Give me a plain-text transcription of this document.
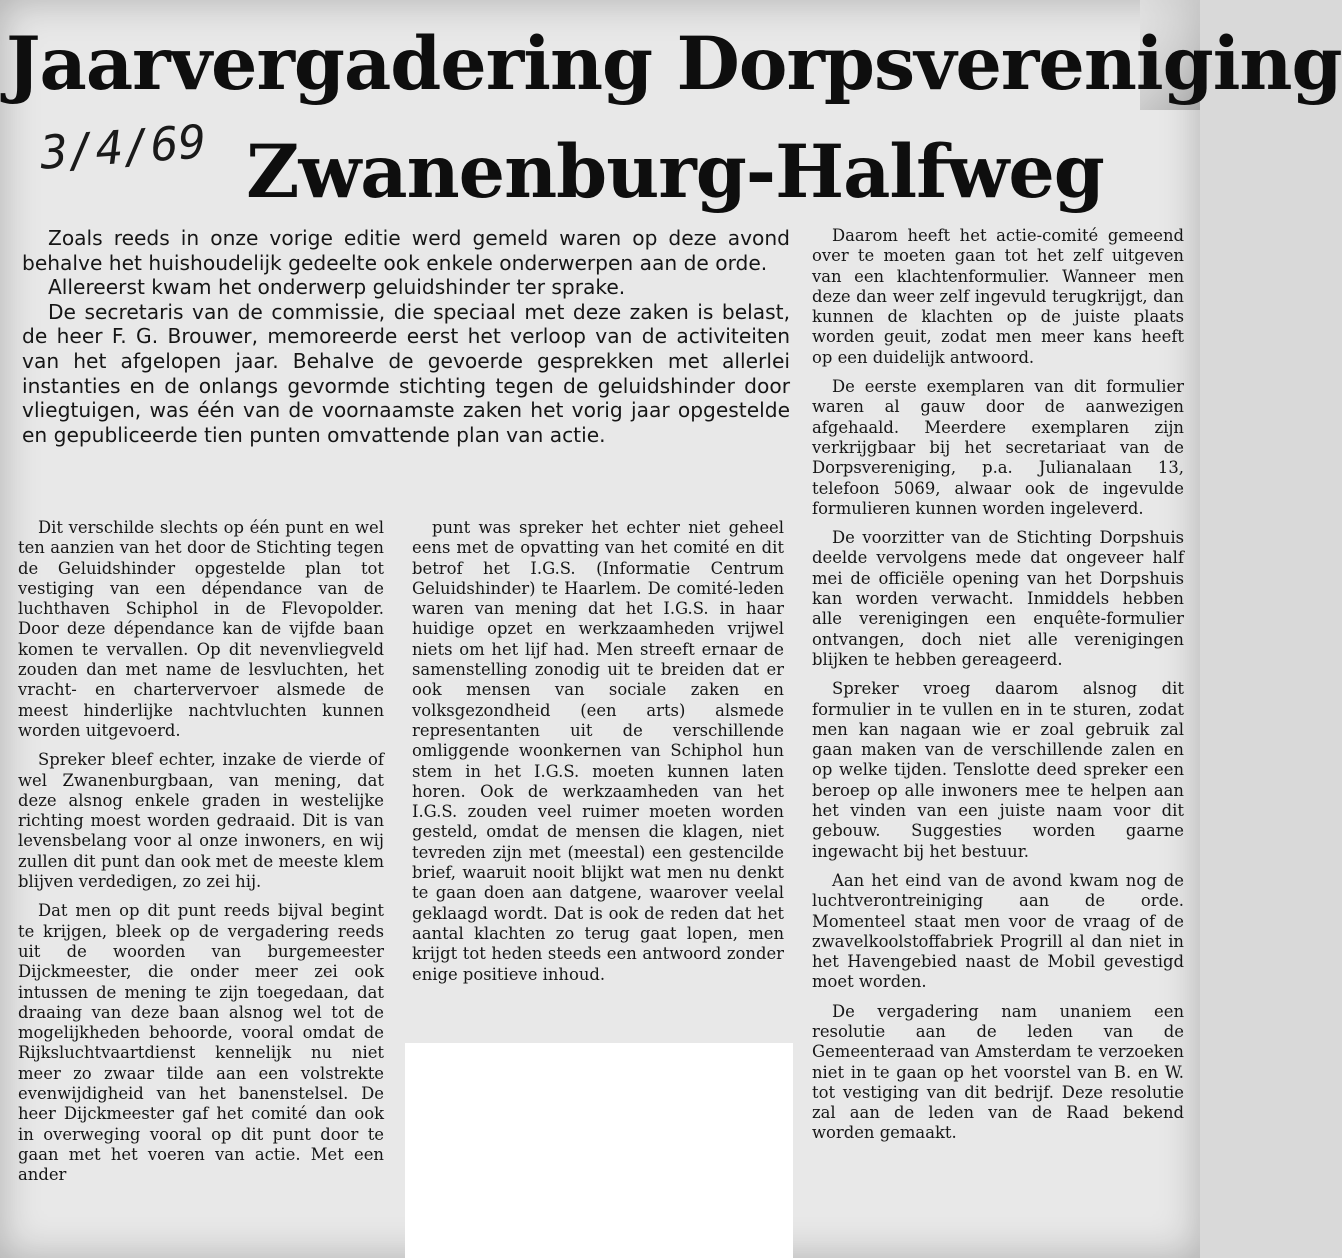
Jaarvergadering Dorpsvereniging
Zwanenburg-Halfweg
3/4/69

Zoals reeds in onze vorige editie werd gemeld waren op deze avond behalve het huishoudelijk gedeelte ook enkele onderwerpen aan de orde.

Allereerst kwam het onderwerp geluidshinder ter sprake.

De secretaris van de commissie, die speciaal met deze zaken is belast, de heer F. G. Brouwer, memoreerde eerst het verloop van de activiteiten van het afgelopen jaar. Behalve de gevoerde gesprekken met allerlei instanties en de onlangs gevormde stichting tegen de geluidshinder door vliegtuigen, was één van de voornaamste zaken het vorig jaar opgestelde en gepubliceerde tien punten omvattende plan van actie.

Dit verschilde slechts op één punt en wel ten aanzien van het door de Stichting tegen de Geluidshinder opgestelde plan tot vestiging van een dépendance van de luchthaven Schiphol in de Flevopolder. Door deze dépendance kan de vijfde baan komen te vervallen. Op dit nevenvliegveld zouden dan met name de lesvluchten, het vracht- en chartervervoer alsmede de meest hinderlijke nachtvluchten kunnen worden uitgevoerd.

Spreker bleef echter, inzake de vierde of wel Zwanenburgbaan, van mening, dat deze alsnog enkele graden in westelijke richting moest worden gedraaid. Dit is van levensbelang voor al onze inwoners, en wij zullen dit punt dan ook met de meeste klem blijven verdedigen, zo zei hij.

Dat men op dit punt reeds bijval begint te krijgen, bleek op de vergadering reeds uit de woorden van burgemeester Dijckmeester, die onder meer zei ook intussen de mening te zijn toegedaan, dat draaing van deze baan alsnog wel tot de mogelijkheden behoorde, vooral omdat de Rijksluchtvaartdienst kennelijk nu niet meer zo zwaar tilde aan een volstrekte evenwijdigheid van het banenstelsel. De heer Dijckmeester gaf het comité dan ook in overweging vooral op dit punt door te gaan met het voeren van actie. Met een ander

punt was spreker het echter niet geheel eens met de opvatting van het comité en dit betrof het I.G.S. (Informatie Centrum Geluidshinder) te Haarlem. De comité-leden waren van mening dat het I.G.S. in haar huidige opzet en werkzaamheden vrijwel niets om het lijf had. Men streeft ernaar de samenstelling zonodig uit te breiden dat er ook mensen van sociale zaken en volksgezondheid (een arts) alsmede representanten uit de verschillende omliggende woonkernen van Schiphol hun stem in het I.G.S. moeten kunnen laten horen. Ook de werkzaamheden van het I.G.S. zouden veel ruimer moeten worden gesteld, omdat de mensen die klagen, niet tevreden zijn met (meestal) een gestencilde brief, waaruit nooit blijkt wat men nu denkt te gaan doen aan datgene, waarover veelal geklaagd wordt. Dat is ook de reden dat het aantal klachten zo terug gaat lopen, men krijgt tot heden steeds een antwoord zonder enige positieve inhoud.

Daarom heeft het actie-comité gemeend over te moeten gaan tot het zelf uitgeven van een klachtenformulier. Wanneer men deze dan weer zelf ingevuld terugkrijgt, dan kunnen de klachten op de juiste plaats worden geuit, zodat men meer kans heeft op een duidelijk antwoord.

De eerste exemplaren van dit formulier waren al gauw door de aanwezigen afgehaald. Meerdere exemplaren zijn verkrijgbaar bij het secretariaat van de Dorpsvereniging, p.a. Julianalaan 13, telefoon 5069, alwaar ook de ingevulde formulieren kunnen worden ingeleverd.

De voorzitter van de Stichting Dorpshuis deelde vervolgens mede dat ongeveer half mei de officiële opening van het Dorpshuis kan worden verwacht. Inmiddels hebben alle verenigingen een enquête-formulier ontvangen, doch niet alle verenigingen blijken te hebben gereageerd.

Spreker vroeg daarom alsnog dit formulier in te vullen en in te sturen, zodat men kan nagaan wie er zoal gebruik zal gaan maken van de verschillende zalen en op welke tijden. Tenslotte deed spreker een beroep op alle inwoners mee te helpen aan het vinden van een juiste naam voor dit gebouw. Suggesties worden gaarne ingewacht bij het bestuur.

Aan het eind van de avond kwam nog de luchtverontreiniging aan de orde. Momenteel staat men voor de vraag of de zwavelkoolstoffabriek Progrill al dan niet in het Havengebied naast de Mobil gevestigd moet worden.

De vergadering nam unaniem een resolutie aan de leden van de Gemeenteraad van Amsterdam te verzoeken niet in te gaan op het voorstel van B. en W. tot vestiging van dit bedrijf. Deze resolutie zal aan de leden van de Raad bekend worden gemaakt.
